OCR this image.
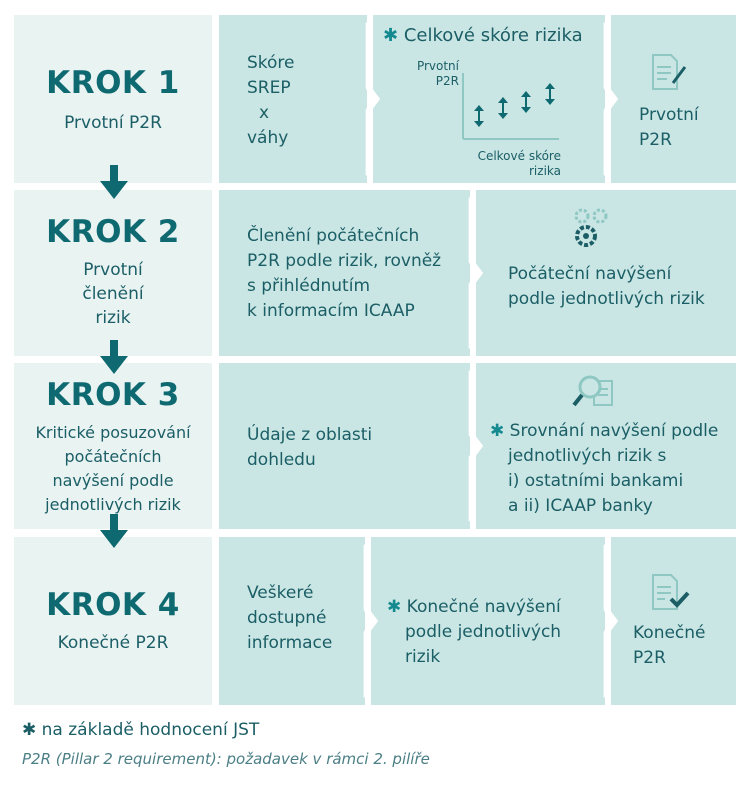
KROK 1
Prvotní P2R
KROK 2
Prvotní
členění
rizik
KROK 3
Kritické posuzování
počátečních
navýšení podle
jednotlivých rizik
KROK 4
Konečné P2R
Skóre
SREP
x
váhy
✱ Celkové skóre rizika
Prvotní
P2R
Celkové skóre
rizika
Prvotní
P2R
Členění počátečních
P2R podle rizik, rovněž
s přihlédnutím
k informacím ICAAP
Počáteční navýšení
podle jednotlivých rizik
Údaje z oblasti
dohledu
✱ Srovnání navýšení podle
jednotlivých rizik s
i) ostatními bankami
a ii) ICAAP banky
Veškeré
dostupné
informace
✱ Konečné navýšení
podle jednotlivých
rizik
Konečné
P2R
✱ na základě hodnocení JST
P2R (Pillar 2 requirement): požadavek v rámci 2. pilíře
